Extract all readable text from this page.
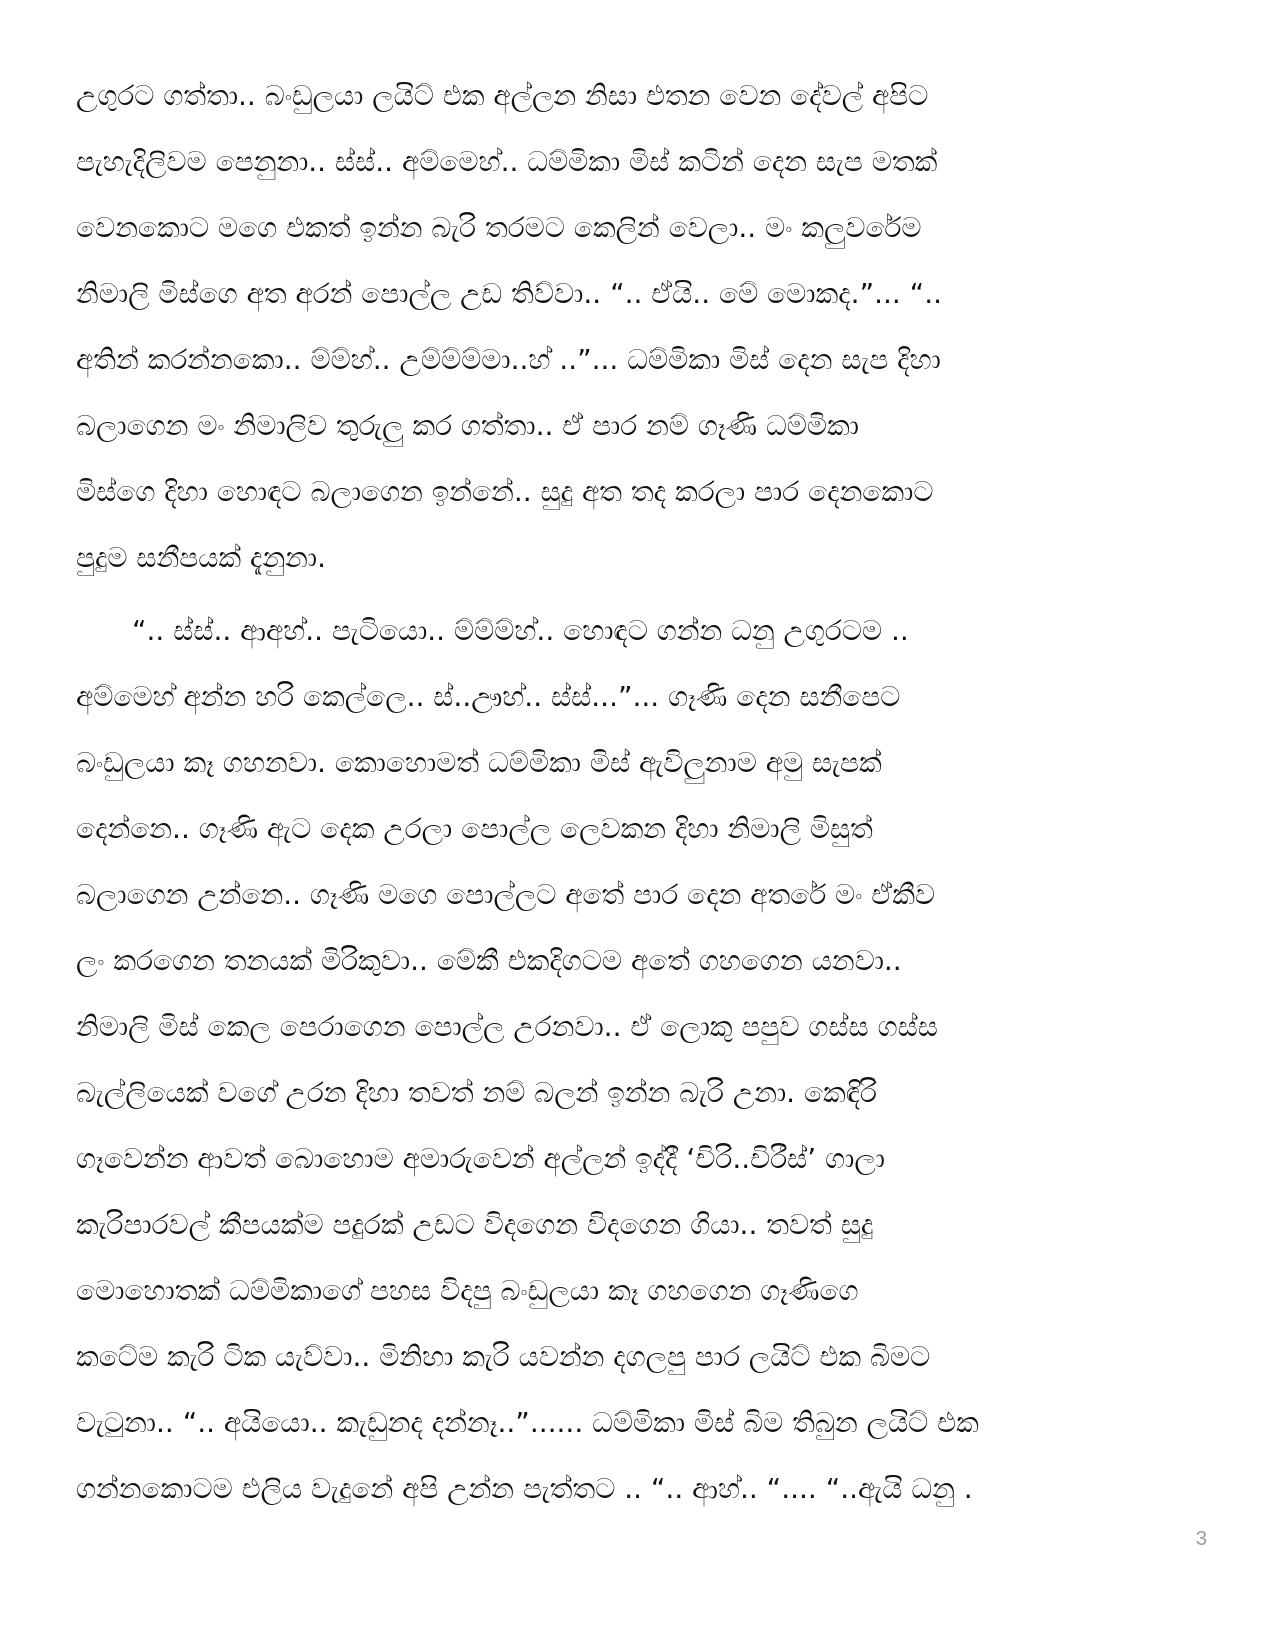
උගුරට ගත්තා.. බංඩුලයා ලයිට් එක අල්ලන නිසා එතන වෙන දේවල් අපිට
පැහැදිලිවම පෙනුනා.. ස්ස්.. අම්මෙහ්.. ධම්මිකා මිස් කටින් දෙන සැප මතක්
වෙනකොට මගෙ එකත් ඉන්න බැරි තරමට කෙලින් වෙලා.. මං කලුවරේම
නිමාලි මිස්ගෙ අත අරන් පොල්ල උඩ තිව්වා.. “.. ඒයි.. මේ මොකද.”... “..
අතින් කරන්නකො.. ම්ම්හ්.. උම්ම්ම්මා..හ් ..”... ධම්මිකා මිස් දෙන සැප දිහා
බලාගෙන මං නිමාලිව තුරුලු කර ගත්තා.. ඒ පාර නම් ගෑණි ධම්මිකා
මිස්ගෙ දිහා හොඳට බලාගෙන ඉන්නේ.. සුදු අත තද කරලා පාර දෙනකොට
පුදුම සනීපයක් දැනුනා.
“.. ස්ස්.. ආඅහ්.. පැටියො.. ම්ම්ම්හ්.. හොඳට ගන්න ධනු උගුරටම ..
අම්මෙහ් අන්න හරි කෙල්ලෙ.. ස්..ඌහ්.. ස්ස්...”... ගෑණි දෙන සනීපෙට
බංඩුලයා කෑ ගහනවා. කොහොමත් ධම්මිකා මිස් ඇවිලුනාම අමු සැපක්
දෙන්නෙ.. ගෑණි ඇට දෙක උරලා පොල්ල ලෙවකන දිහා නිමාලි මිසුත්
බලාගෙන උන්නෙ.. ගෑණි මගෙ පොල්ලට අතේ පාර දෙන අතරේ මං ඒකීව
ලං කරගෙන තනයක් මිරිකුවා.. මේකී එකදිගටම අතේ ගහගෙන යනවා..
නිමාලි මිස් කෙල පෙරාගෙන පොල්ල උරනවා.. ඒ ලොකු පපුව ගස්ස ගස්ස
බැල්ලියෙක් වගේ උරන දිහා තවත් නම් බලන් ඉන්න බැරි උනා. කෙඳිරි
ගෑවෙන්න ආවත් බොහොම අමාරුවෙන් අල්ලන් ඉද්දී ‘චිරි..චිරීස්’ ගාලා
කැරිපාරවල් කීපයක්ම පදුරක් උඩට විදගෙන විදගෙන ගියා.. තවත් සුදු
මොහොතක් ධම්මිකාගේ පහස විදපු බංඩුලයා කෑ ගහගෙන ගෑණිගෙ
කටේම කැරි ටික යැව්වා.. මිනිහා කැරි යවන්න දගලපු පාර ලයිට් එක බිමට
වැටුනා.. “.. අයියො.. කැඩුනද දන්නෑ..”...... ධම්මිකා මිස් බිම තිබුන ලයිට් එක
ගන්නකොටම එලිය වැදුනේ අපි උන්න පැත්තට .. “.. ආහ්.. “.... “..ඇයි ධනු .
3
